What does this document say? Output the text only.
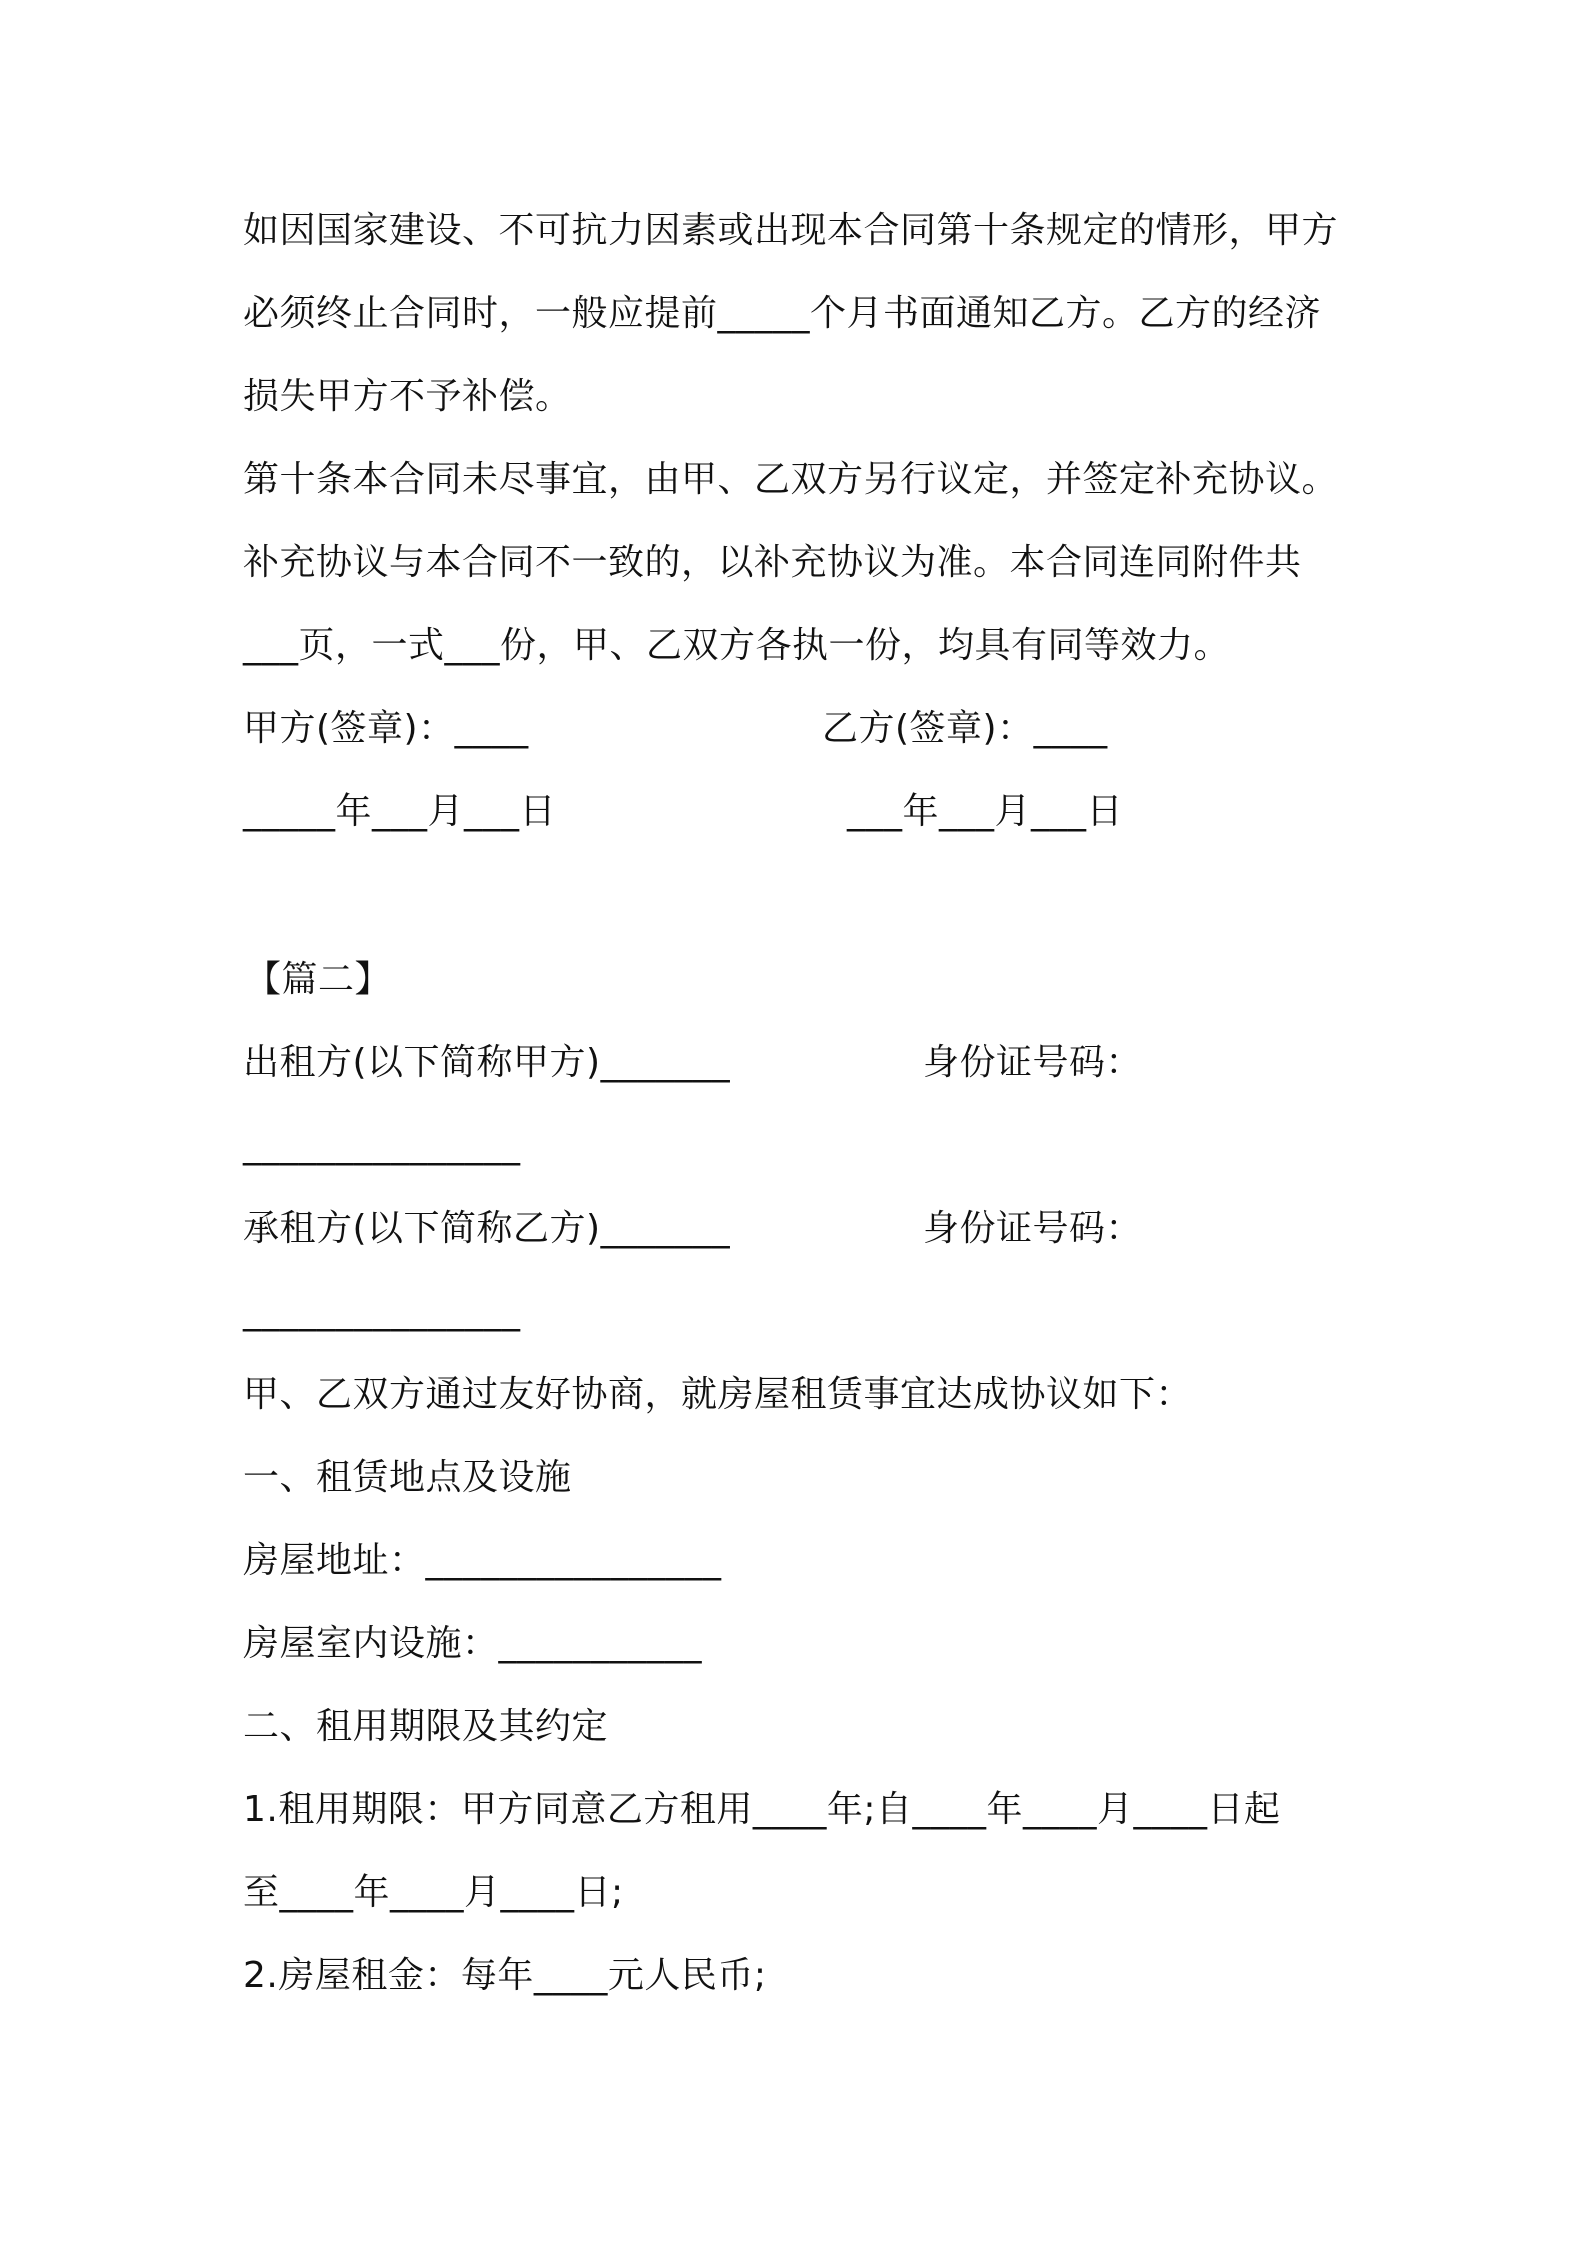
如因国家建设、不可抗力因素或出现本合同第十条规定的情形，甲方
必须终止合同时，一般应提前_____个月书面通知乙方。乙方的经济
损失甲方不予补偿。
第十条本合同未尽事宜，由甲、乙双方另行议定，并签定补充协议。
补充协议与本合同不一致的，以补充协议为准。本合同连同附件共
___页，一式___份，甲、乙双方各执一份，均具有同等效力。
甲方(签章)：____	乙方(签章)：____
_____年___月___日	___年___月___日
【篇二】
出租方(以下简称甲方)_______	身份证号码：
_______________
承租方(以下简称乙方)_______	身份证号码：
_______________
甲、乙双方通过友好协商，就房屋租赁事宜达成协议如下：
一、租赁地点及设施
房屋地址：________________
房屋室内设施：___________
二、租用期限及其约定
1.租用期限：甲方同意乙方租用____年;自____年____月____日起
至____年____月____日;
2.房屋租金：每年____元人民币;
